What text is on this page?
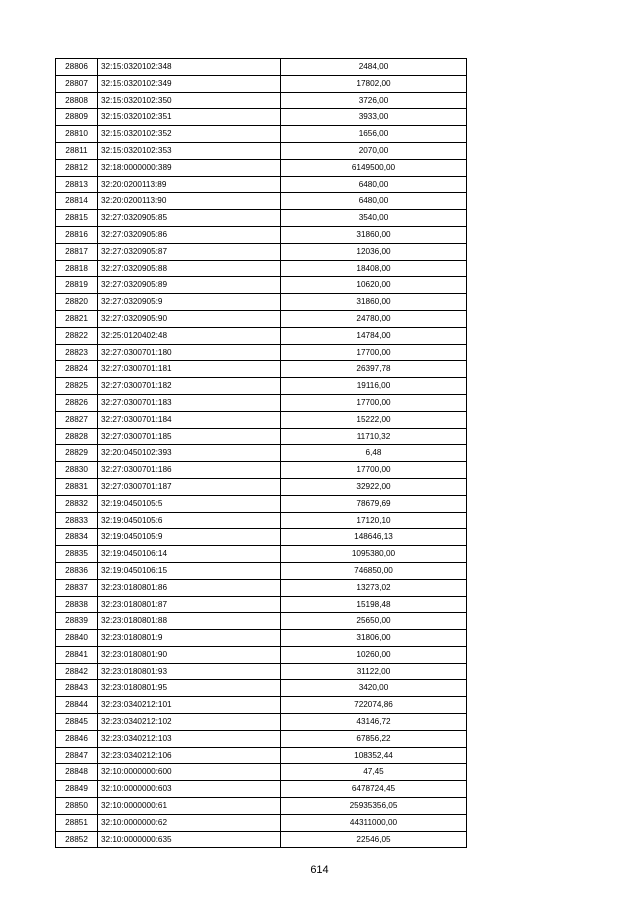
28806	32:15:0320102:348	2484,00
28807	32:15:0320102:349	17802,00
28808	32:15:0320102:350	3726,00
28809	32:15:0320102:351	3933,00
28810	32:15:0320102:352	1656,00
28811	32:15:0320102:353	2070,00
28812	32:18:0000000:389	6149500,00
28813	32:20:0200113:89	6480,00
28814	32:20:0200113:90	6480,00
28815	32:27:0320905:85	3540,00
28816	32:27:0320905:86	31860,00
28817	32:27:0320905:87	12036,00
28818	32:27:0320905:88	18408,00
28819	32:27:0320905:89	10620,00
28820	32:27:0320905:9	31860,00
28821	32:27:0320905:90	24780,00
28822	32:25:0120402:48	14784,00
28823	32:27:0300701:180	17700,00
28824	32:27:0300701:181	26397,78
28825	32:27:0300701:182	19116,00
28826	32:27:0300701:183	17700,00
28827	32:27:0300701:184	15222,00
28828	32:27:0300701:185	11710,32
28829	32:20:0450102:393	6,48
28830	32:27:0300701:186	17700,00
28831	32:27:0300701:187	32922,00
28832	32:19:0450105:5	78679,69
28833	32:19:0450105:6	17120,10
28834	32:19:0450105:9	148646,13
28835	32:19:0450106:14	1095380,00
28836	32:19:0450106:15	746850,00
28837	32:23:0180801:86	13273,02
28838	32:23:0180801:87	15198,48
28839	32:23:0180801:88	25650,00
28840	32:23:0180801:9	31806,00
28841	32:23:0180801:90	10260,00
28842	32:23:0180801:93	31122,00
28843	32:23:0180801:95	3420,00
28844	32:23:0340212:101	722074,86
28845	32:23:0340212:102	43146,72
28846	32:23:0340212:103	67856,22
28847	32:23:0340212:106	108352,44
28848	32:10:0000000:600	47,45
28849	32:10:0000000:603	6478724,45
28850	32:10:0000000:61	25935356,05
28851	32:10:0000000:62	44311000,00
28852	32:10:0000000:635	22546,05
614
